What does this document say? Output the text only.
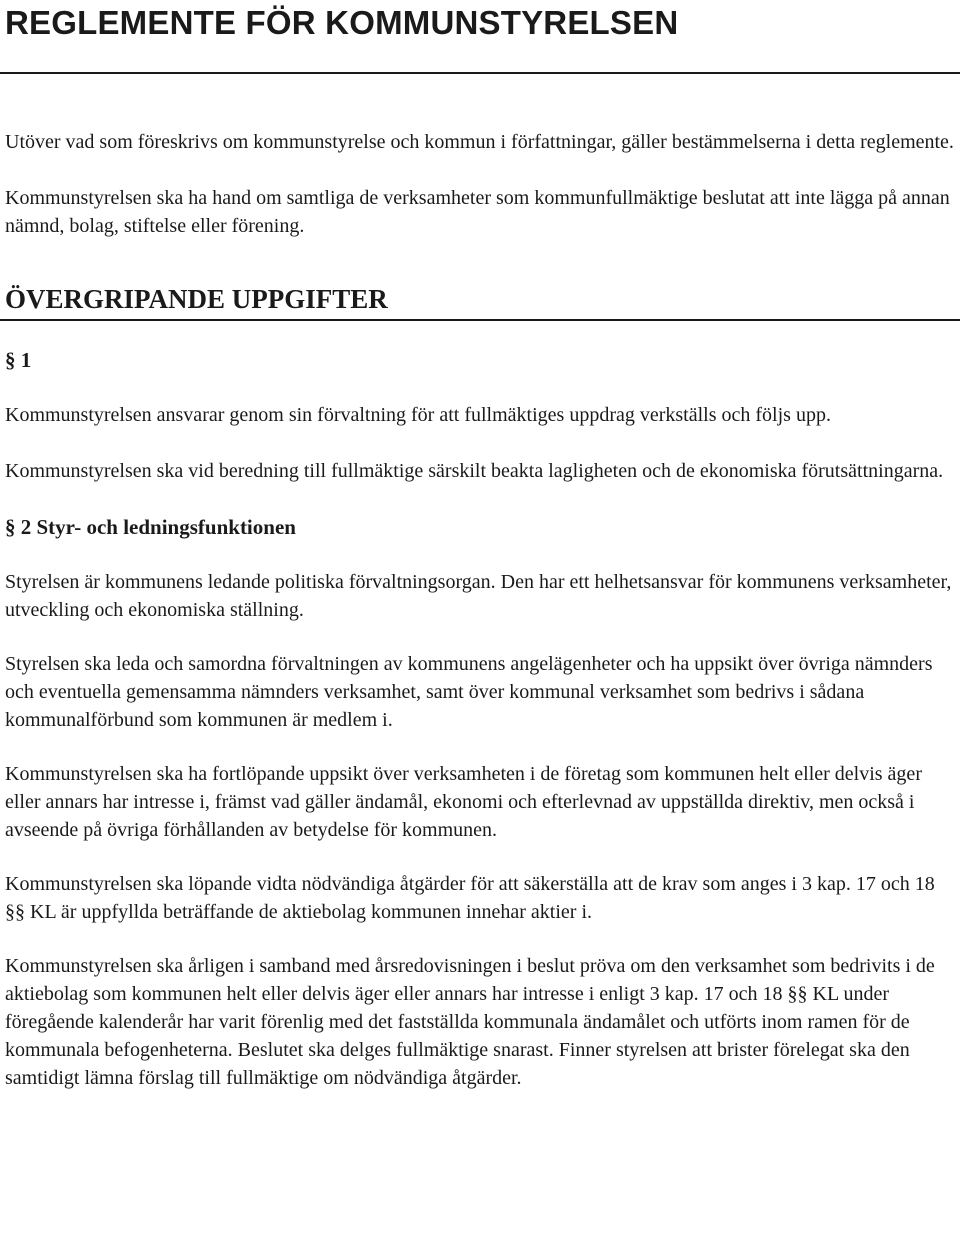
REGLEMENTE FÖR KOMMUNSTYRELSEN

Utöver vad som föreskrivs om kommunstyrelse och kommun i författningar, gäller bestämmelserna i detta reglemente.

Kommunstyrelsen ska ha hand om samtliga de verksamheter som kommunfullmäktige beslutat att inte lägga på annan nämnd, bolag, stiftelse eller förening.

ÖVERGRIPANDE UPPGIFTER
§ 1

Kommunstyrelsen ansvarar genom sin förvaltning för att fullmäktiges uppdrag verkställs och följs upp.

Kommunstyrelsen ska vid beredning till fullmäktige särskilt beakta lagligheten och de ekonomiska förutsättningarna.

§ 2 Styr- och ledningsfunktionen

Styrelsen är kommunens ledande politiska förvaltningsorgan. Den har ett helhetsansvar för kommunens verksamheter, utveckling och ekonomiska ställning.

Styrelsen ska leda och samordna förvaltningen av kommunens angelägenheter och ha uppsikt över övriga nämnders och eventuella gemensamma nämnders verksamhet, samt över kommunal verksamhet som bedrivs i sådana kommunalförbund som kommunen är medlem i.

Kommunstyrelsen ska ha fortlöpande uppsikt över verksamheten i de företag som kommunen helt eller delvis äger eller annars har intresse i, främst vad gäller ändamål, ekonomi och efterlevnad av uppställda direktiv, men också i avseende på övriga förhållanden av betydelse för kommunen.

Kommunstyrelsen ska löpande vidta nödvändiga åtgärder för att säkerställa att de krav som anges i 3 kap. 17 och 18 §§ KL är uppfyllda beträffande de aktiebolag kommunen innehar aktier i.

Kommunstyrelsen ska årligen i samband med årsredovisningen i beslut pröva om den verksamhet som bedrivits i de aktiebolag som kommunen helt eller delvis äger eller annars har intresse i enligt 3 kap. 17 och 18 §§ KL under föregående kalenderår har varit förenlig med det fastställda kommunala ändamålet och utförts inom ramen för de kommunala befogenheterna. Beslutet ska delges fullmäktige snarast. Finner styrelsen att brister förelegat ska den samtidigt lämna förslag till fullmäktige om nödvändiga åtgärder.
